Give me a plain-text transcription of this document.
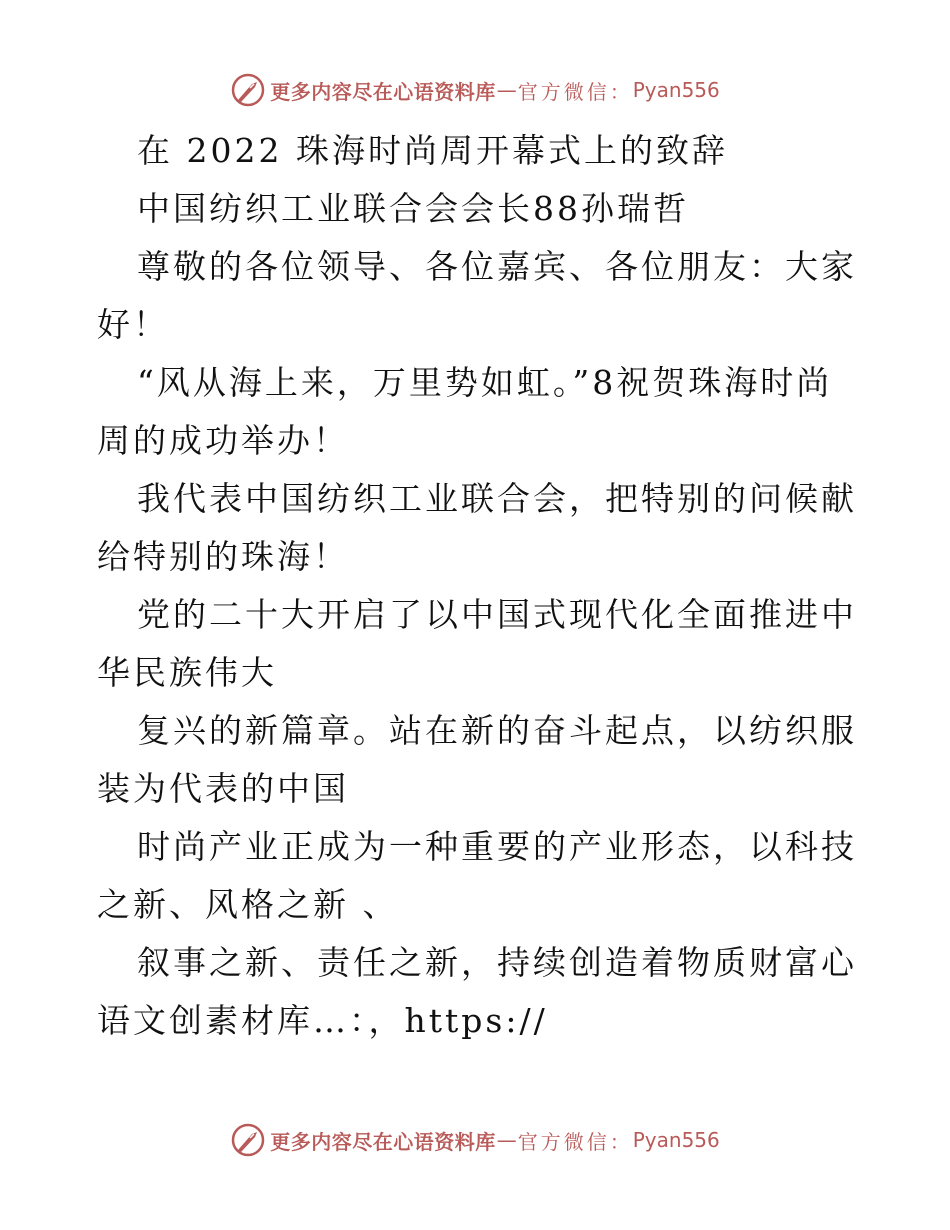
更多内容尽在心语资料库 — 官方微信： Pyan556

在 2022 珠海时尚周开幕式上的致辞

中国纺织工业联合会会长88孙瑞哲

尊敬的各位领导、各位嘉宾、各位朋友：大家好！

“风从海上来，万里势如虹。”8祝贺珠海时尚周的成功举办！

我代表中国纺织工业联合会，把特别的问候献给特别的珠海！

党的二十大开启了以中国式现代化全面推进中华民族伟大

复兴的新篇章。站在新的奋斗起点，以纺织服装为代表的中国

时尚产业正成为一种重要的产业形态，以科技之新、风格之新 、

叙事之新、责任之新，持续创造着物质财富心语文创素材库…：，https://

更多内容尽在心语资料库 — 官方微信： Pyan556
